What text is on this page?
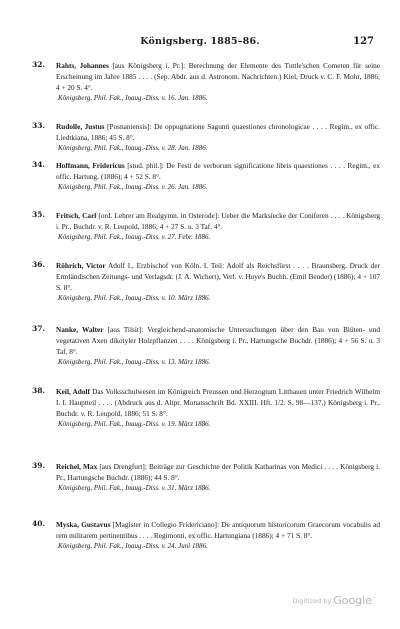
Königsberg. 1885–86.	127
32. Rahts, Johannes [aus Königsberg i. Pr.]: Berechnung der Elemente des Tuttle'schen Cometen für seine Erscheinung im Jahre 1885 . . . . (Sep. Abdr. aus d. Astronom. Nachrichten.) Kiel, Druck v. C. F. Mohr, 1886; 4 + 20 S. 4°.

Königsberg, Phil. Fak., Inaug.-Diss. v. 16. Jan. 1886.

33. Rudolle, Justus [Posnaniensis]: De oppugnatione Sagunti quaestiones chronologicae . . . . Regim., ex offic. Liedtkiana, 1886; 45 S. 8°.

Königsberg, Phil. Fak., Inaug.-Diss. v. 28. Jan. 1886.

34. Hoffmann, Fridericus [stud. phil.]: De Festi de verborum significatione libris quaestiones . . . . Regim., ex offic. Hartung. (1886); 4 + 52 S. 8°.

Königsberg, Phil. Fak., Inaug.-Diss. v. 26. Jan. 1886.

35. Fritsch, Carl [ord. Lehrer am Realgymn. in Osterode]: Ueber die Marksiecke der Coniferen . . . . Königsberg i. Pr., Buchdr. v. R. Leupold, 1886; 4 + 27 S. u. 3 Taf. 4°.

Königsberg, Phil. Fak., Inaug.-Diss. v. 27. Febr. 1886.

36. Röhrich, Victor Adolf I., Erzbischof von Köln. I. Teil: Adolf als Reichsfürst . . . . Braunsberg, Druck der Ermländischen Zeitungs- und Verlagsdr. (J. A. Wichert), Verl. v. Huye's Buchh. (Emil Bender) (1886); 4 + 107 S. 8°.

Königsberg, Phil. Fak., Inaug.-Diss. v. 10. März 1886.

37. Nanke, Walter [aus Tilsit]: Vergleichend-anatomische Untersuchungen über den Bau von Blüten- und vegetativen Axen dikotyler Holzpflanzen . . . . Königsberg i. Pr., Hartungsche Buchdr. (1886); 4 + 56 S. u. 3 Taf. 8°.

Königsberg, Phil. Fak., Inaug.-Diss. v. 13. März 1886.

38. Keil, Adolf Das Volksschulwesen im Königreich Preussen und Herzogtum Litthauen unter Friedrich Wilhelm I. I. Hauptteil . . . . (Abdruck aus d. Altpr. Monatsschrift Bd. XXIII. Hft. 1/2. S. 98—137.) Königsberg i. Pr., Buchdr. v. R. Leupold, 1886; 51 S. 8°.

Königsberg, Phil. Fak., Inaug.-Diss. v. 19. März 1886.

39. Reichel, Max [aus Drengfurt]: Beiträge zur Geschichte der Politik Katharinas von Medici . . . . Königsberg i. Pr., Hartungsche Buchdr. (1886); 44 S. 8°.

Königsberg, Phil. Fak., Inaug.-Diss. v. 31. März 1886.

40. Myska, Gustavus [Magister in Collegio Fridericiano]: De antiquorum historicorum Graecorum vocabulis ad rem militarem pertinentibus . . . . Regimonti, ex offic. Hartungiana (1886); 4 + 71 S. 8°.

Königsberg, Phil. Fak., Inaug.-Diss. v. 24. Juni 1886.

Digitized by Google
